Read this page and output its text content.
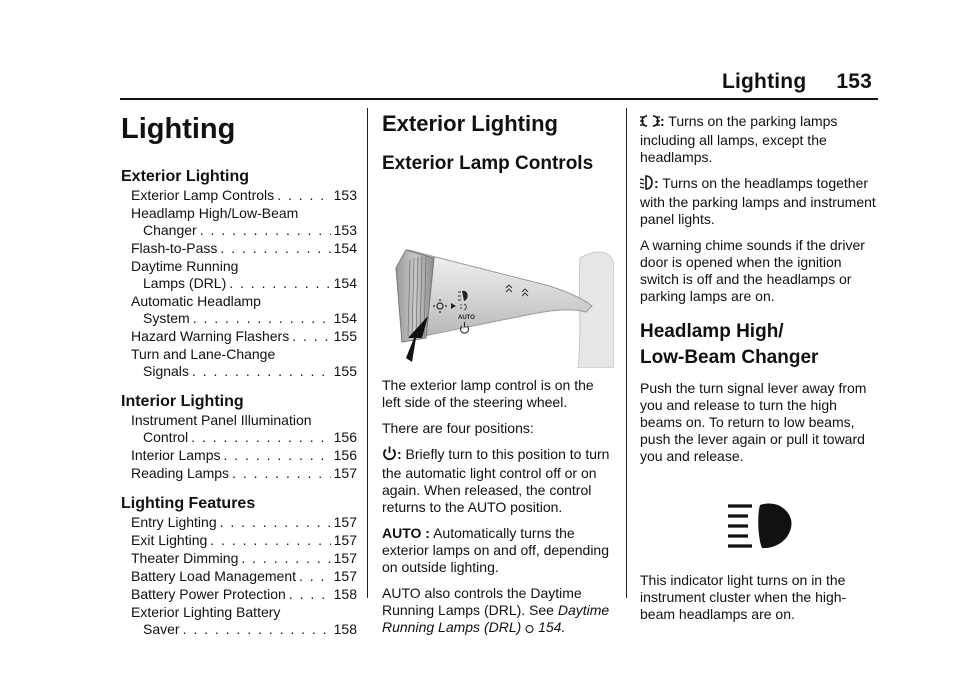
Lighting 153
Lighting
Exterior Lighting
Exterior Lamp Controls . . .	153
Headlamp High/Low-Beam
Changer . . .	153
Flash-to-Pass . . .	154
Daytime Running
Lamps (DRL) . . .	154
Automatic Headlamp
System . . .	154
Hazard Warning Flashers . . .	155
Turn and Lane-Change
Signals . . .	155
Interior Lighting
Instrument Panel Illumination
Control . . .	156
Interior Lamps . . .	156
Reading Lamps . . .	157
Lighting Features
Entry Lighting . . .	157
Exit Lighting . . .	157
Theater Dimming . . .	157
Battery Load Management . . .	157
Battery Power Protection . . .	158
Exterior Lighting Battery
Saver . . .	158
Exterior Lighting
Exterior Lamp Controls
AUTO
The exterior lamp control is on the left side of the steering wheel.
There are four positions:
: Briefly turn to this position to turn the automatic light control off or on again. When released, the control returns to the AUTO position.
AUTO : Automatically turns the exterior lamps on and off, depending on outside lighting.
AUTO also controls the Daytime Running Lamps (DRL). See Daytime Running Lamps (DRL) 154.
: Turns on the parking lamps including all lamps, except the headlamps.
: Turns on the headlamps together with the parking lamps and instrument panel lights.
A warning chime sounds if the driver door is opened when the ignition switch is off and the headlamps or parking lamps are on.
Headlamp High/
Low-Beam Changer
Push the turn signal lever away from you and release to turn the high beams on. To return to low beams, push the lever again or pull it toward you and release.
This indicator light turns on in the instrument cluster when the high-beam headlamps are on.
